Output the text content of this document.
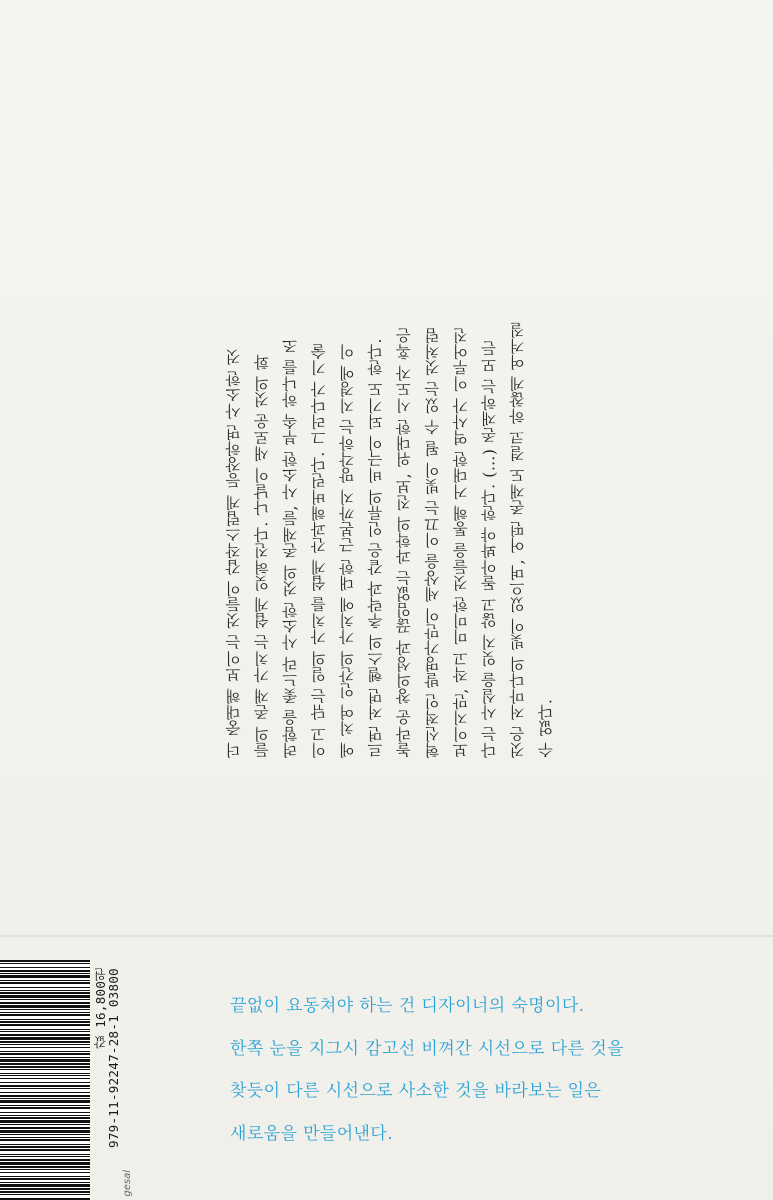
더 중대해 보이는 것들이 갑작스럽게 등장하면 사소한 것 들의 존재 가치는 쉽게 잊혀진다. 나날이 새로운 것의 화 려함을 좇느라 사소한 것의 존재들, 사소한 부속 하나를 조 이고 닦는 일의 가치를 쉽게 간과해버린다. 그러다가 기술 에 치여 인간의 가치에 대한 근본까지 망각하는 지경에 이 르면 저면 헬스의 추락과 같은 인류의 비극이 되기도 한다. 놀라운 창의성과 끊임없는 과학의 진보, 위대한 시도자 혹은 혁신적인 발명가만이 세상을 이끄는 빛이 될 수 있는 것처럼 보이지만, 작고 미미한 것들을 통해 거대한 역사가 이루어진 다는 사실을 잊지 않고 돌아봐야 한다. (…) 존재하는 모든 것은 저마다의 빛이 있으며, 어떤 존재도 결코 하찮게 여겨질 수 없다.

값 16,800원
979-11-92247-28-1 03800
gesal
끝없이 요동쳐야 하는 건 디자이너의 숙명이다.
한쪽 눈을 지그시 감고선 비껴간 시선으로 다른 것을
찾듯이 다른 시선으로 사소한 것을 바라보는 일은
새로움을 만들어낸다.
